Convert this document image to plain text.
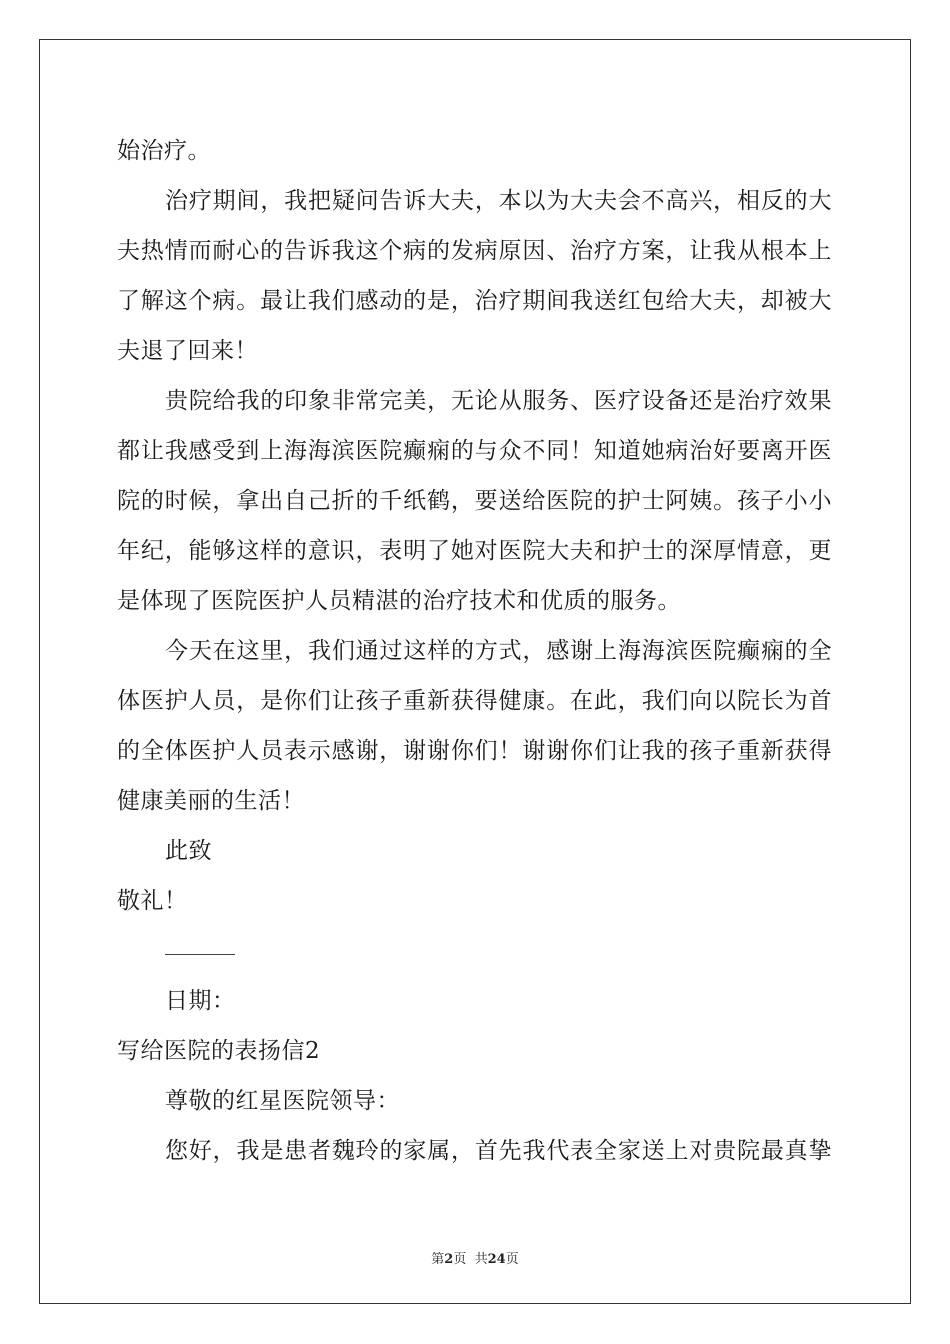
始治疗。
治疗期间，我把疑问告诉大夫，本以为大夫会不高兴，相反的大
夫热情而耐心的告诉我这个病的发病原因、治疗方案，让我从根本上
了解这个病。最让我们感动的是，治疗期间我送红包给大夫，却被大
夫退了回来！
贵院给我的印象非常完美，无论从服务、医疗设备还是治疗效果
都让我感受到上海海滨医院癫痫的与众不同！知道她病治好要离开医
院的时候，拿出自己折的千纸鹤，要送给医院的护士阿姨。孩子小小
年纪，能够这样的意识，表明了她对医院大夫和护士的深厚情意，更
是体现了医院医护人员精湛的治疗技术和优质的服务。
今天在这里，我们通过这样的方式，感谢上海海滨医院癫痫的全
体医护人员，是你们让孩子重新获得健康。在此，我们向以院长为首
的全体医护人员表示感谢，谢谢你们！谢谢你们让我的孩子重新获得
健康美丽的生活！
此致
敬礼！
日期：
写给医院的表扬信2
尊敬的红星医院领导：
您好，我是患者魏玲的家属，首先我代表全家送上对贵院最真挚
第2页  共24页
